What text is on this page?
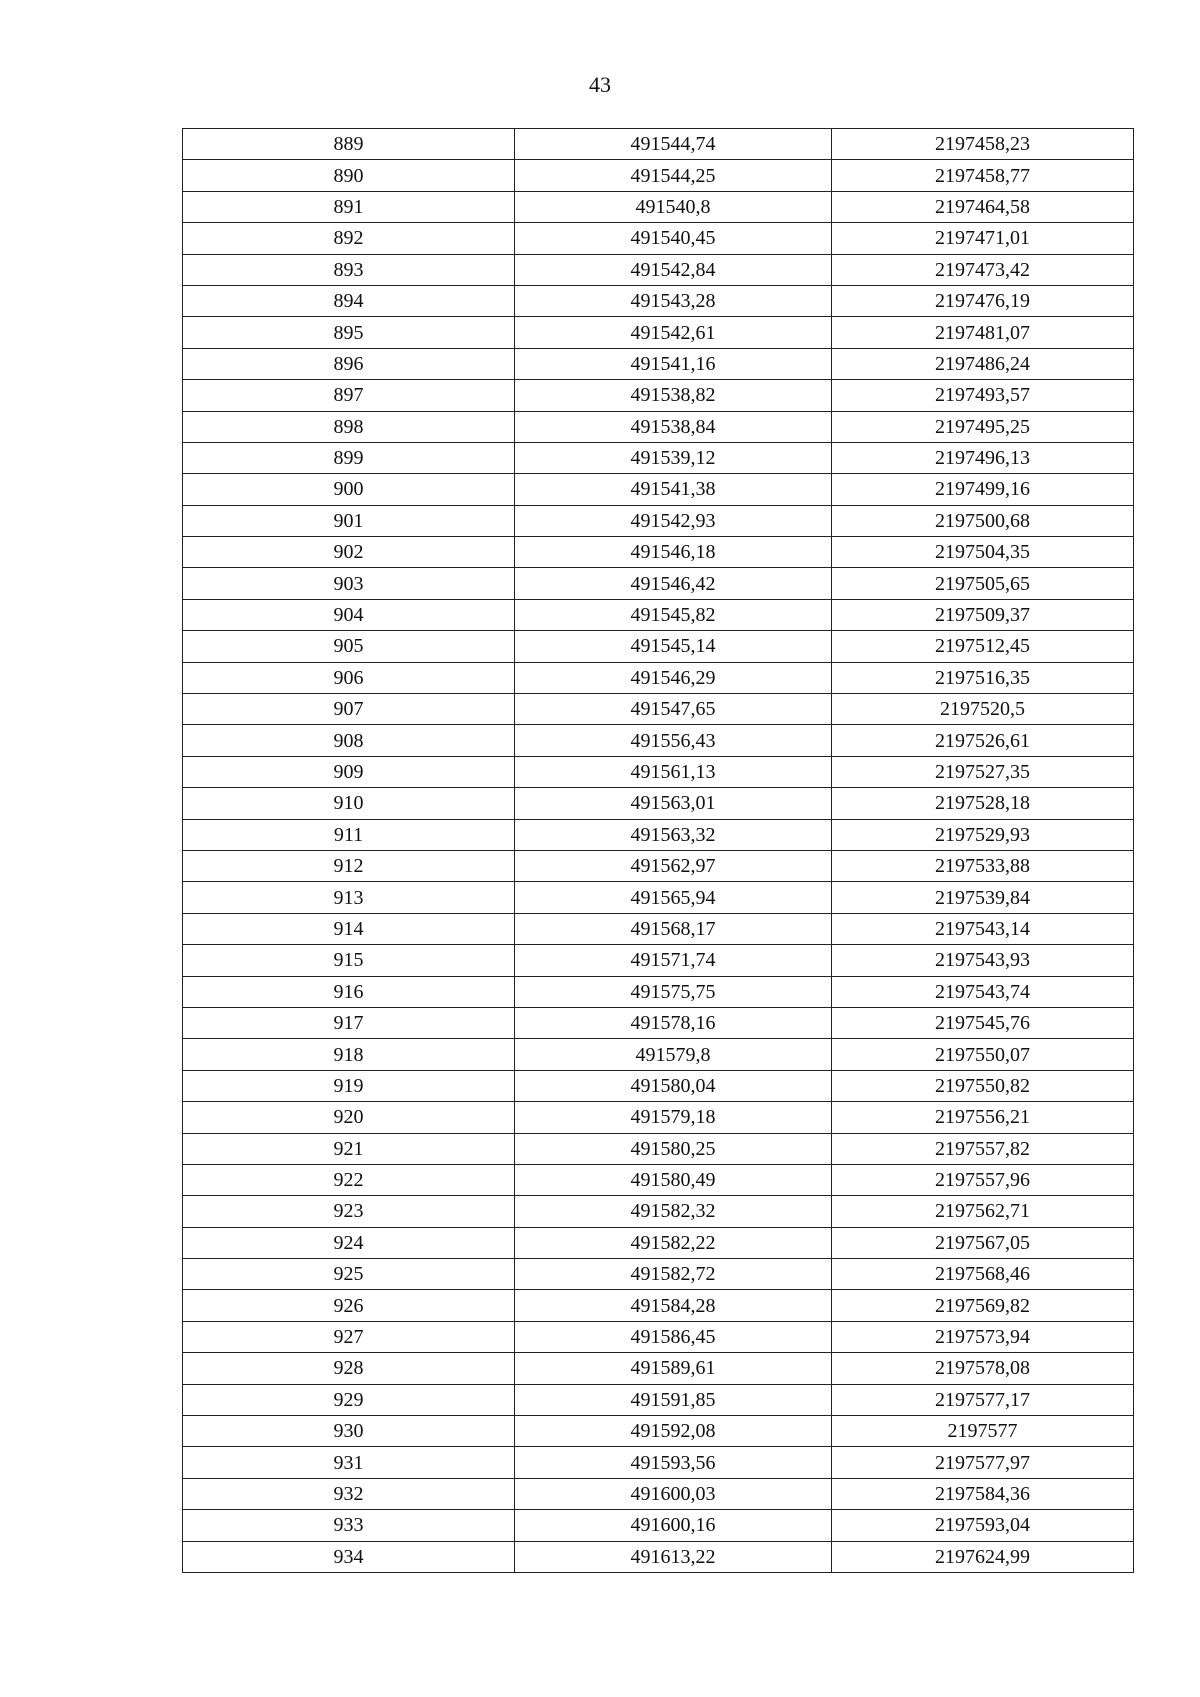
43
889	491544,74	2197458,23
890	491544,25	2197458,77
891	491540,8	2197464,58
892	491540,45	2197471,01
893	491542,84	2197473,42
894	491543,28	2197476,19
895	491542,61	2197481,07
896	491541,16	2197486,24
897	491538,82	2197493,57
898	491538,84	2197495,25
899	491539,12	2197496,13
900	491541,38	2197499,16
901	491542,93	2197500,68
902	491546,18	2197504,35
903	491546,42	2197505,65
904	491545,82	2197509,37
905	491545,14	2197512,45
906	491546,29	2197516,35
907	491547,65	2197520,5
908	491556,43	2197526,61
909	491561,13	2197527,35
910	491563,01	2197528,18
911	491563,32	2197529,93
912	491562,97	2197533,88
913	491565,94	2197539,84
914	491568,17	2197543,14
915	491571,74	2197543,93
916	491575,75	2197543,74
917	491578,16	2197545,76
918	491579,8	2197550,07
919	491580,04	2197550,82
920	491579,18	2197556,21
921	491580,25	2197557,82
922	491580,49	2197557,96
923	491582,32	2197562,71
924	491582,22	2197567,05
925	491582,72	2197568,46
926	491584,28	2197569,82
927	491586,45	2197573,94
928	491589,61	2197578,08
929	491591,85	2197577,17
930	491592,08	2197577
931	491593,56	2197577,97
932	491600,03	2197584,36
933	491600,16	2197593,04
934	491613,22	2197624,99
